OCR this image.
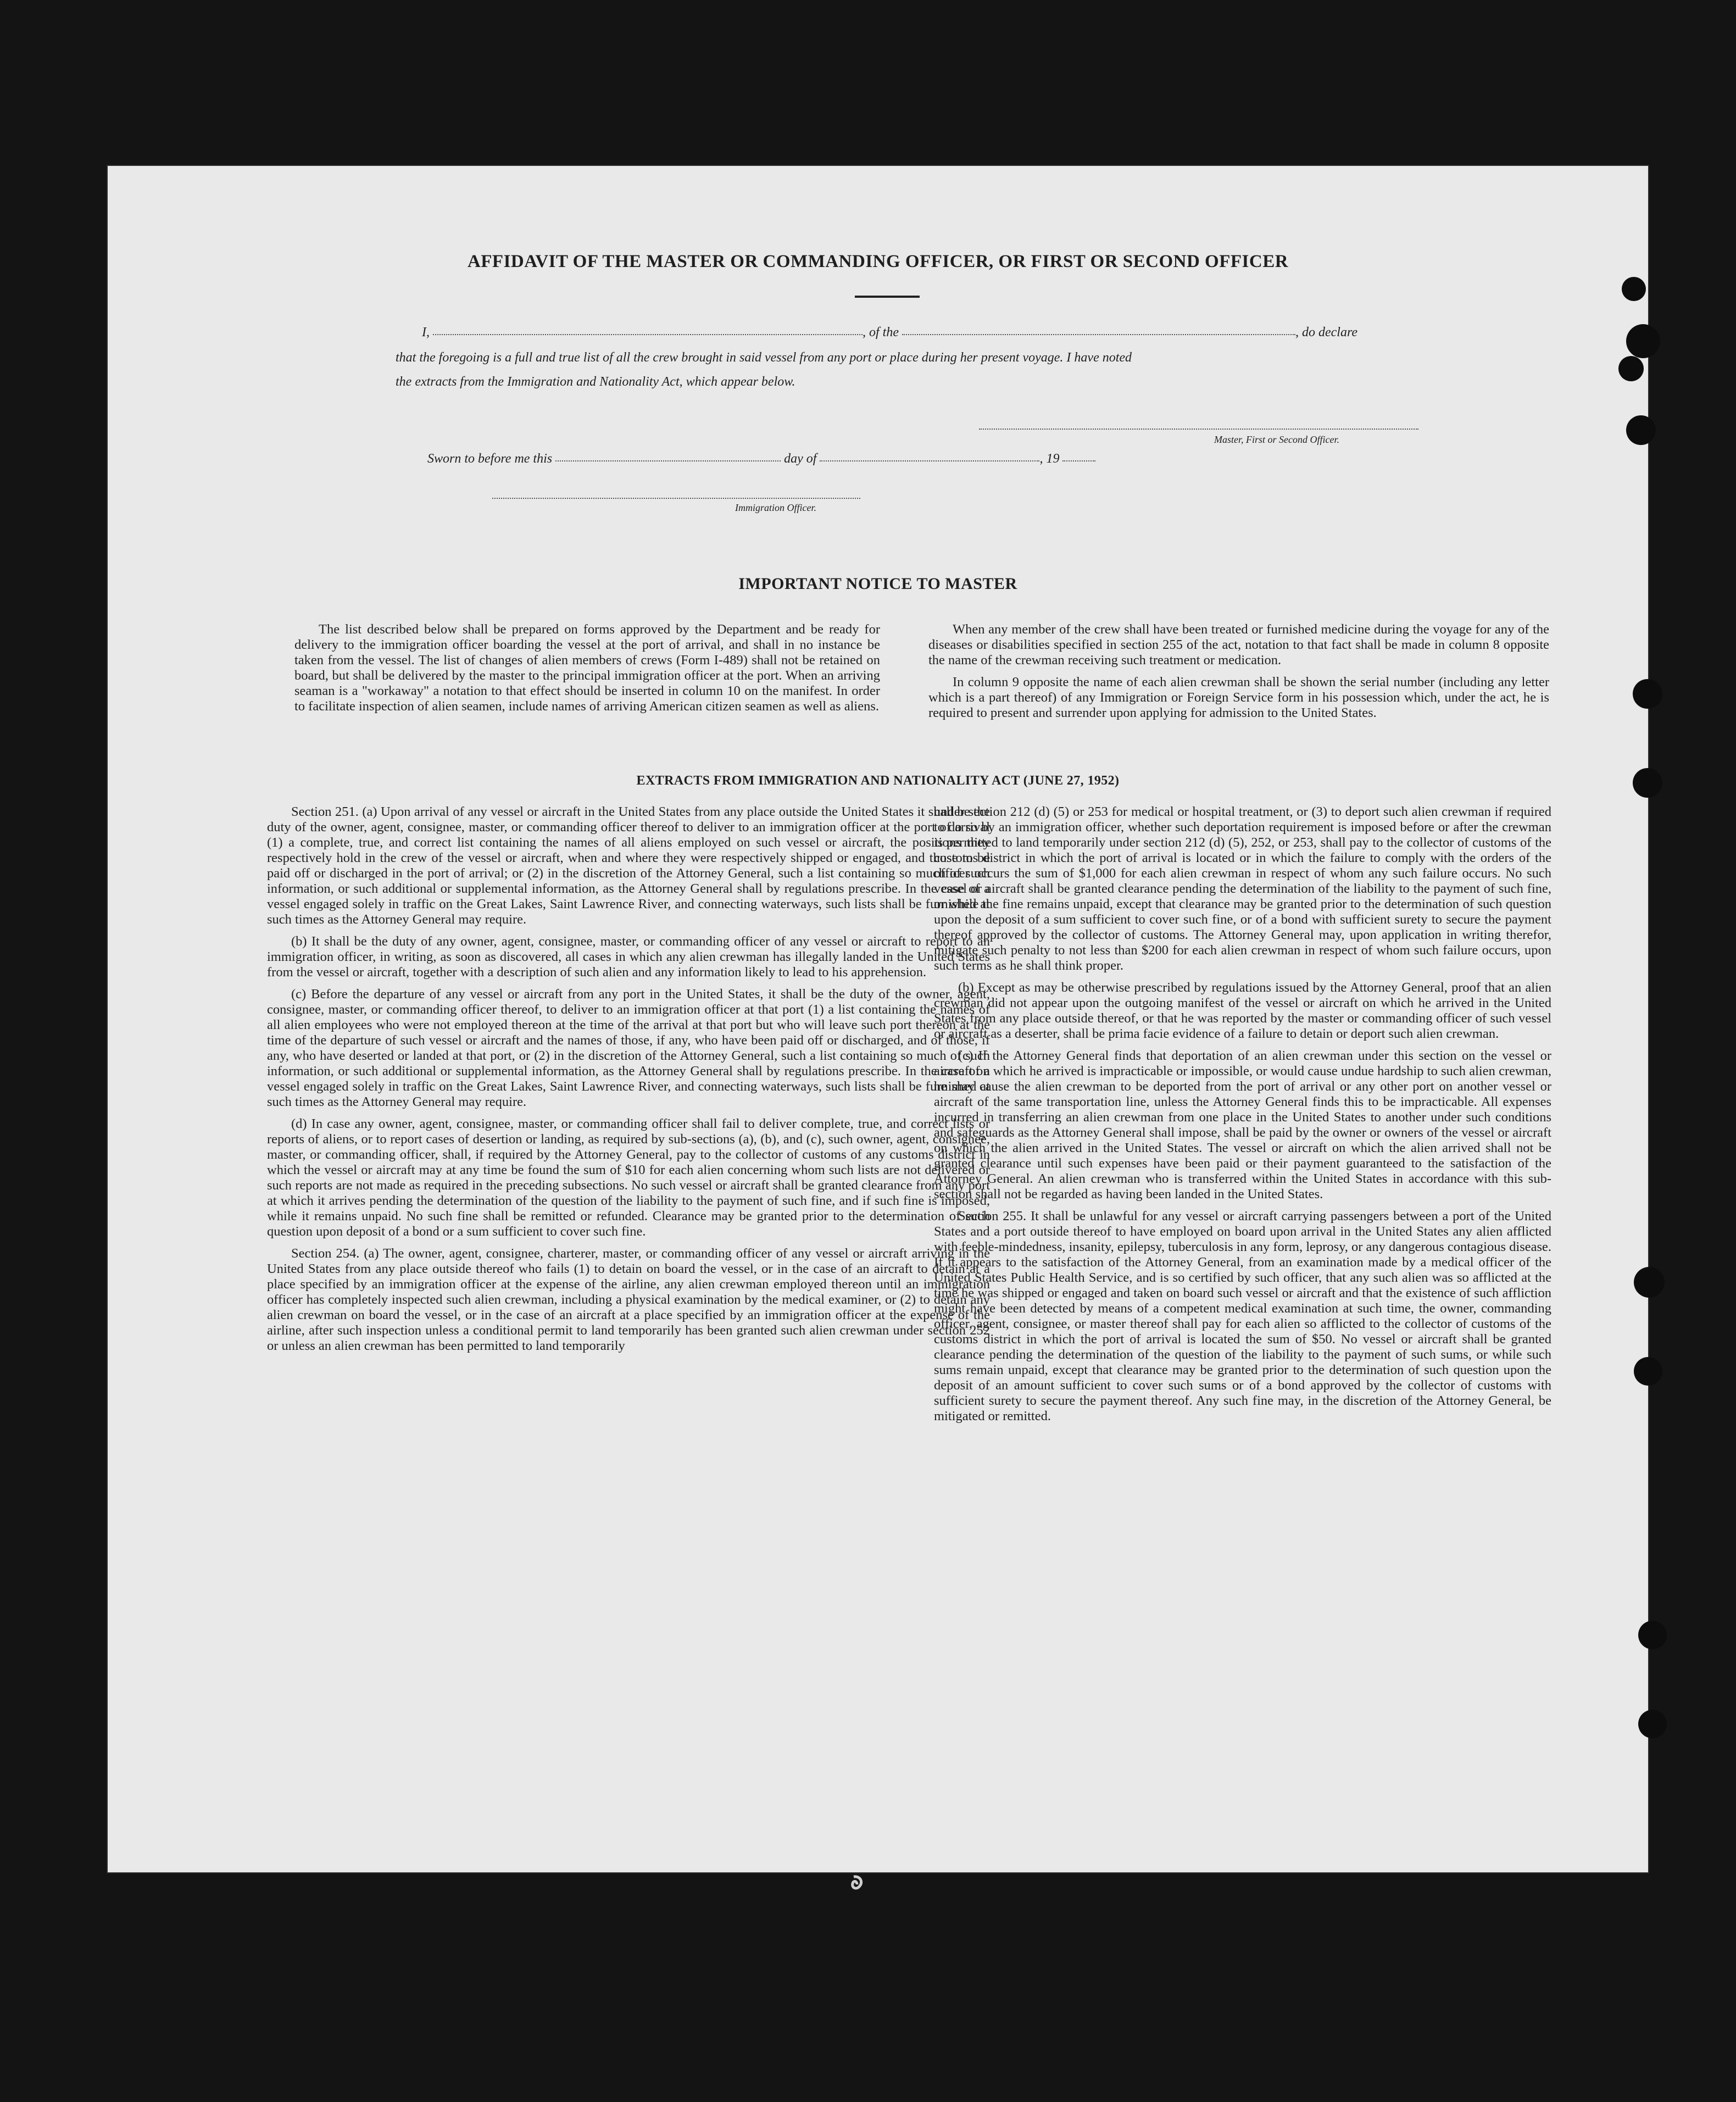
AFFIDAVIT OF THE MASTER OR COMMANDING OFFICER, OR FIRST OR SECOND OFFICER
I,	, of the	, do declare
that the foregoing is a full and true list of all the crew brought in said vessel from any port or place during her present voyage. I have noted
the extracts from the Immigration and Nationality Act, which appear below.
Master, First or Second Officer.
Sworn to before me this	day of	, 19
Immigration Officer.
IMPORTANT NOTICE TO MASTER

The list described below shall be prepared on forms approved by the Department and be ready for delivery to the immigration officer boarding the vessel at the port of arrival, and shall in no instance be taken from the vessel. The list of changes of alien members of crews (Form I-489) shall not be retained on board, but shall be delivered by the master to the principal immigration officer at the port. When an arriving seaman is a "workaway" a notation to that effect should be inserted in column 10 on the manifest. In order to facilitate inspection of alien seamen, include names of arriving American citizen seamen as well as aliens.

When any member of the crew shall have been treated or furnished medicine during the voyage for any of the diseases or disabilities specified in section 255 of the act, notation to that fact shall be made in column 8 opposite the name of the crewman receiving such treatment or medication.

In column 9 opposite the name of each alien crewman shall be shown the serial number (including any letter which is a part thereof) of any Immigration or Foreign Service form in his possession which, under the act, he is required to present and surrender upon applying for admission to the United States.

EXTRACTS FROM IMMIGRATION AND NATIONALITY ACT (JUNE 27, 1952)

Section 251. (a) Upon arrival of any vessel or aircraft in the United States from any place outside the United States it shall be the duty of the owner, agent, consignee, master, or commanding officer thereof to deliver to an immigration officer at the port of arrival (1) a complete, true, and correct list containing the names of all aliens employed on such vessel or aircraft, the positions they respectively hold in the crew of the vessel or aircraft, when and where they were respectively shipped or engaged, and those to be paid off or discharged in the port of arrival; or (2) in the discretion of the Attorney General, such a list containing so much of such information, or such additional or supplemental information, as the Attorney General shall by regulations prescribe. In the case of a vessel engaged solely in traffic on the Great Lakes, Saint Lawrence River, and connecting waterways, such lists shall be furnished at such times as the Attorney General may require.

(b) It shall be the duty of any owner, agent, consignee, master, or commanding officer of any vessel or aircraft to report to an immigration officer, in writing, as soon as discovered, all cases in which any alien crewman has illegally landed in the United States from the vessel or aircraft, together with a description of such alien and any information likely to lead to his apprehension.

(c) Before the departure of any vessel or aircraft from any port in the United States, it shall be the duty of the owner, agent, consignee, master, or commanding officer thereof, to deliver to an immigration officer at that port (1) a list containing the names of all alien employees who were not employed thereon at the time of the arrival at that port but who will leave such port thereon at the time of the departure of such vessel or aircraft and the names of those, if any, who have been paid off or discharged, and of those, if any, who have deserted or landed at that port, or (2) in the discretion of the Attorney General, such a list containing so much of such information, or such additional or supplemental information, as the Attorney General shall by regulations prescribe. In the case of a vessel engaged solely in traffic on the Great Lakes, Saint Lawrence River, and connecting waterways, such lists shall be furnished at such times as the Attorney General may require.

(d) In case any owner, agent, consignee, master, or commanding officer shall fail to deliver complete, true, and correct lists or reports of aliens, or to report cases of desertion or landing, as required by sub-sections (a), (b), and (c), such owner, agent, consignee, master, or commanding officer, shall, if required by the Attorney General, pay to the collector of customs of any customs district in which the vessel or aircraft may at any time be found the sum of $10 for each alien concerning whom such lists are not delivered or such reports are not made as required in the preceding subsections. No such vessel or aircraft shall be granted clearance from any port at which it arrives pending the determination of the question of the liability to the payment of such fine, and if such fine is imposed, while it remains unpaid. No such fine shall be remitted or refunded. Clearance may be granted prior to the determination of such question upon deposit of a bond or a sum sufficient to cover such fine.

Section 254. (a) The owner, agent, consignee, charterer, master, or commanding officer of any vessel or aircraft arriving in the United States from any place outside thereof who fails (1) to detain on board the vessel, or in the case of an aircraft to detain at a place specified by an immigration officer at the expense of the airline, any alien crewman employed thereon until an immigration officer has completely inspected such alien crewman, including a physical examination by the medical examiner, or (2) to detain any alien crewman on board the vessel, or in the case of an aircraft at a place specified by an immigration officer at the expense of the airline, after such inspection unless a conditional permit to land temporarily has been granted such alien crewman under section 252 or unless an alien crewman has been permitted to land temporarily

under section 212 (d) (5) or 253 for medical or hospital treatment, or (3) to deport such alien crewman if required to do so by an immigration officer, whether such deportation requirement is imposed before or after the crewman is permitted to land temporarily under section 212 (d) (5), 252, or 253, shall pay to the collector of customs of the customs district in which the port of arrival is located or in which the failure to comply with the orders of the officer occurs the sum of $1,000 for each alien crewman in respect of whom any such failure occurs. No such vessel or aircraft shall be granted clearance pending the determination of the liability to the payment of such fine, or while the fine remains unpaid, except that clearance may be granted prior to the determination of such question upon the deposit of a sum sufficient to cover such fine, or of a bond with sufficient surety to secure the payment thereof approved by the collector of customs. The Attorney General may, upon application in writing therefor, mitigate such penalty to not less than $200 for each alien crewman in respect of whom such failure occurs, upon such terms as he shall think proper.

(b) Except as may be otherwise prescribed by regulations issued by the Attorney General, proof that an alien crewman did not appear upon the outgoing manifest of the vessel or aircraft on which he arrived in the United States from any place outside thereof, or that he was reported by the master or commanding officer of such vessel or aircraft as a deserter, shall be prima facie evidence of a failure to detain or deport such alien crewman.

(c) If the Attorney General finds that deportation of an alien crewman under this section on the vessel or aircraft on which he arrived is impracticable or impossible, or would cause undue hardship to such alien crewman, he may cause the alien crewman to be deported from the port of arrival or any other port on another vessel or aircraft of the same transportation line, unless the Attorney General finds this to be impracticable. All expenses incurred in transferring an alien crewman from one place in the United States to another under such conditions and safeguards as the Attorney General shall impose, shall be paid by the owner or owners of the vessel or aircraft on which the alien arrived in the United States. The vessel or aircraft on which the alien arrived shall not be granted clearance until such expenses have been paid or their payment guaranteed to the satisfaction of the Attorney General. An alien crewman who is transferred within the United States in accordance with this sub-section shall not be regarded as having been landed in the United States.

Section 255. It shall be unlawful for any vessel or aircraft carrying passengers between a port of the United States and a port outside thereof to have employed on board upon arrival in the United States any alien afflicted with feeble-mindedness, insanity, epilepsy, tuberculosis in any form, leprosy, or any dangerous contagious disease. If it appears to the satisfaction of the Attorney General, from an examination made by a medical officer of the United States Public Health Service, and is so certified by such officer, that any such alien was so afflicted at the time he was shipped or engaged and taken on board such vessel or aircraft and that the existence of such affliction might have been detected by means of a competent medical examination at such time, the owner, commanding officer, agent, consignee, or master thereof shall pay for each alien so afflicted to the collector of customs of the customs district in which the port of arrival is located the sum of $50. No vessel or aircraft shall be granted clearance pending the determination of the question of the liability to the payment of such sums, or while such sums remain unpaid, except that clearance may be granted prior to the determination of such question upon the deposit of an amount sufficient to cover such sums or of a bond approved by the collector of customs with sufficient surety to secure the payment thereof. Any such fine may, in the discretion of the Attorney General, be mitigated or remitted.
